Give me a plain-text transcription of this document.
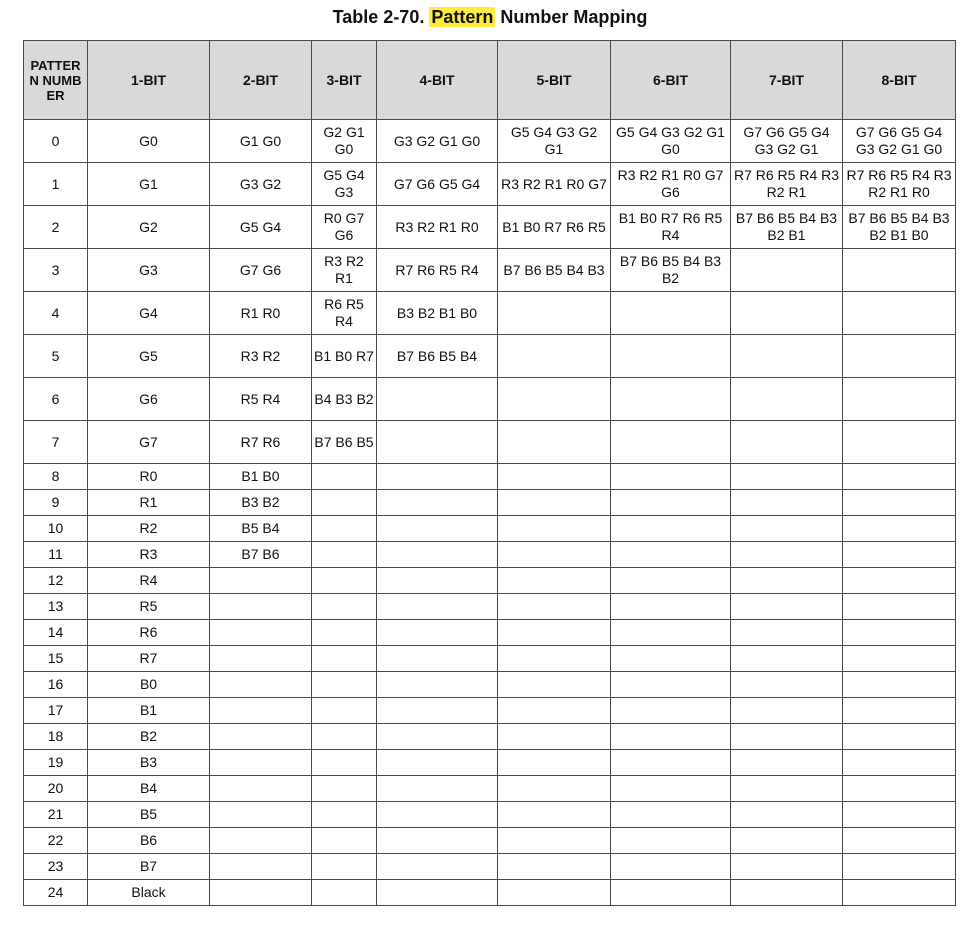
Table 2-70. Pattern Number Mapping
PATTERN NUMBER	1-BIT	2-BIT	3-BIT	4-BIT	5-BIT	6-BIT	7-BIT	8-BIT
0	G0	G1 G0	G2 G1 G0	G3 G2 G1 G0	G5 G4 G3 G2 G1	G5 G4 G3 G2 G1 G0	G7 G6 G5 G4 G3 G2 G1	G7 G6 G5 G4 G3 G2 G1 G0
1	G1	G3 G2	G5 G4 G3	G7 G6 G5 G4	R3 R2 R1 R0 G7	R3 R2 R1 R0 G7 G6	R7 R6 R5 R4 R3 R2 R1	R7 R6 R5 R4 R3 R2 R1 R0
2	G2	G5 G4	R0 G7 G6	R3 R2 R1 R0	B1 B0 R7 R6 R5	B1 B0 R7 R6 R5 R4	B7 B6 B5 B4 B3 B2 B1	B7 B6 B5 B4 B3 B2 B1 B0
3	G3	G7 G6	R3 R2 R1	R7 R6 R5 R4	B7 B6 B5 B4 B3	B7 B6 B5 B4 B3 B2		
4	G4	R1 R0	R6 R5 R4	B3 B2 B1 B0				
5	G5	R3 R2	B1 B0 R7	B7 B6 B5 B4				
6	G6	R5 R4	B4 B3 B2					
7	G7	R7 R6	B7 B6 B5					
8	R0	B1 B0						
9	R1	B3 B2						
10	R2	B5 B4						
11	R3	B7 B6						
12	R4							
13	R5							
14	R6							
15	R7							
16	B0							
17	B1							
18	B2							
19	B3							
20	B4							
21	B5							
22	B6							
23	B7							
24	Black							
